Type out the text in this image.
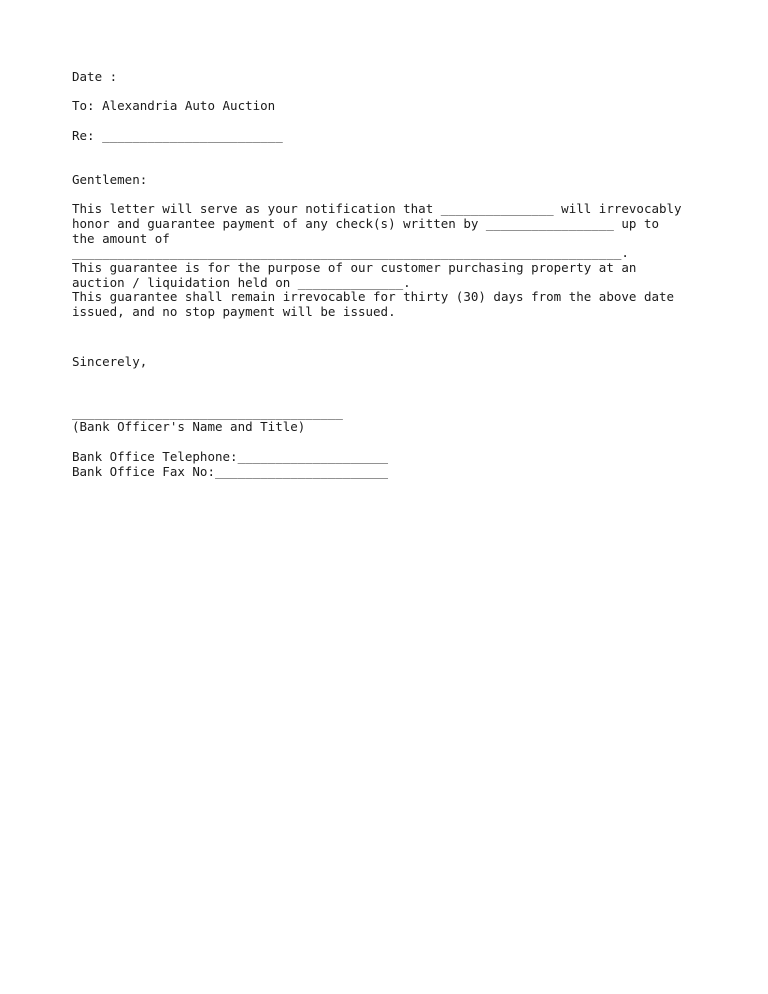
Date :
To: Alexandria Auto Auction
Re: ________________________
Gentlemen:
This letter will serve as your notification that _______________ will irrevocably
honor and guarantee payment of any check(s) written by _________________ up to
the amount of
_________________________________________________________________________.
This guarantee is for the purpose of our customer purchasing property at an
auction / liquidation held on ______________.
This guarantee shall remain irrevocable for thirty (30) days from the above date
issued, and no stop payment will be issued.
Sincerely,
____________________________________
(Bank Officer's Name and Title)
Bank Office Telephone:____________________
Bank Office Fax No:_______________________
